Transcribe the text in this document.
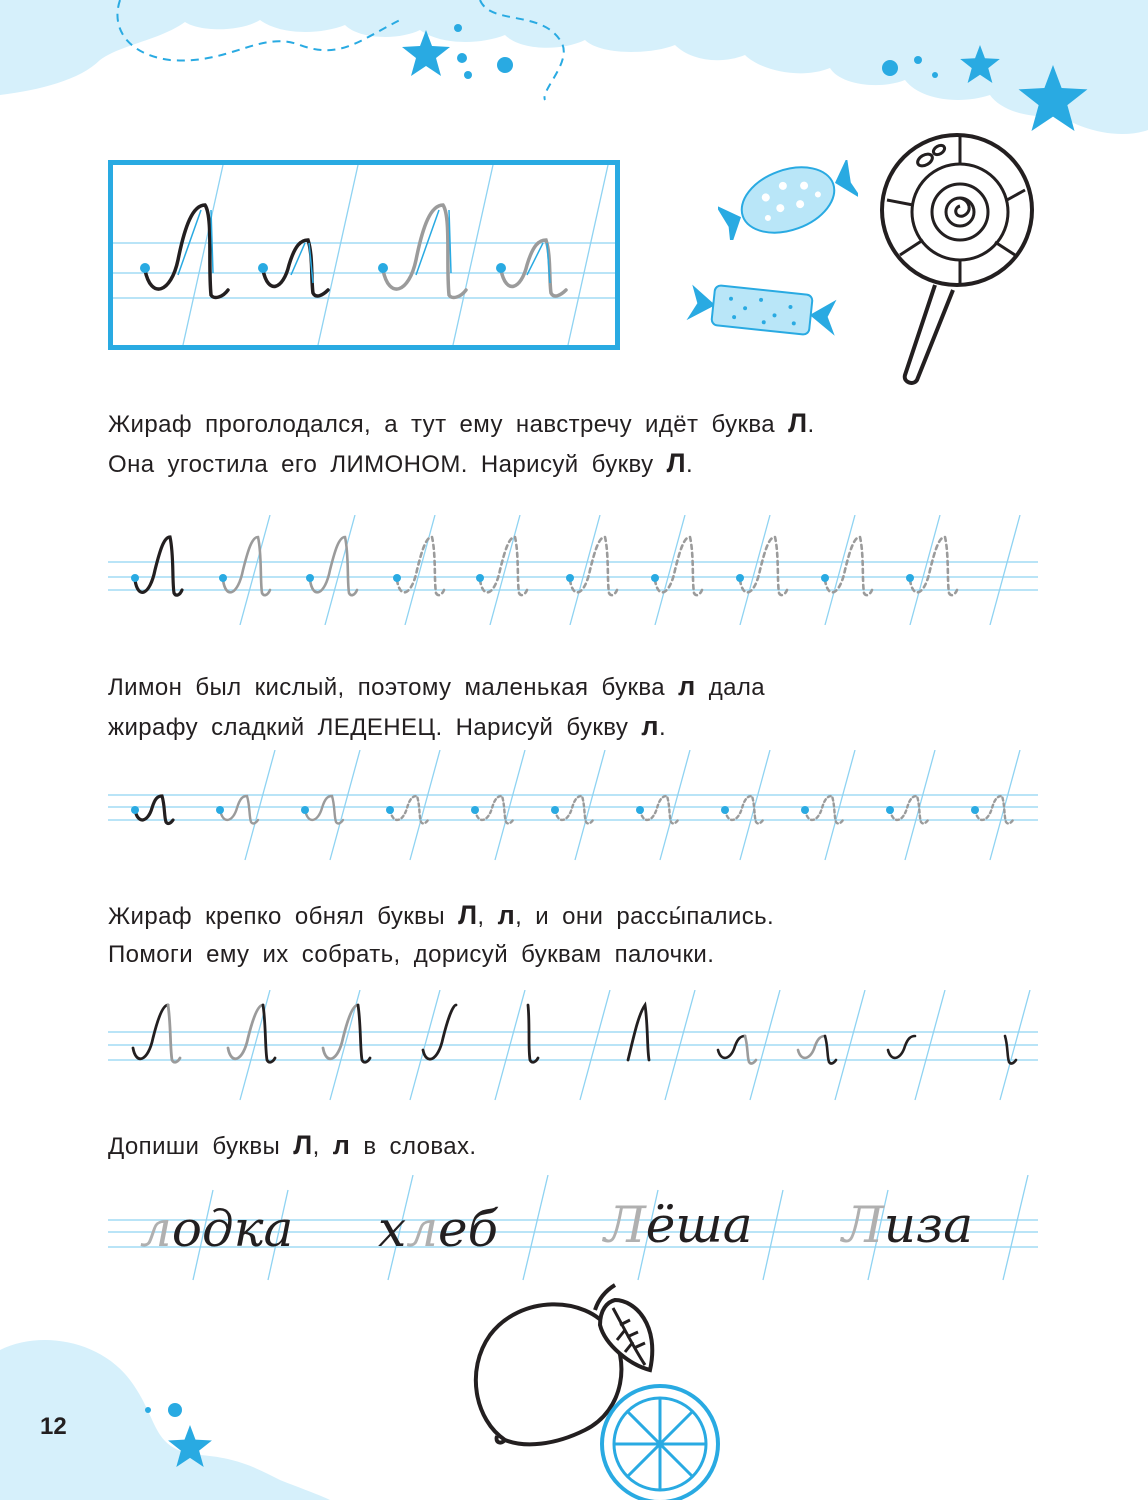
Л
Жираф проголодался, а тут ему навстречу идёт буква Л.
Она угостила его ЛИМОНОМ. Нарисуй букву Л.
Лимон был кислый, поэтому маленькая буква л дала
жирафу сладкий ЛЕДЕНЕЦ. Нарисуй букву л.
Жираф крепко обнял буквы Л, л, и они рассы́пались.
Помоги ему их собрать, дорисуй буквам палочки.
Допиши буквы Л, л в словах.
лодка хлеб Лёша Лиза
12
